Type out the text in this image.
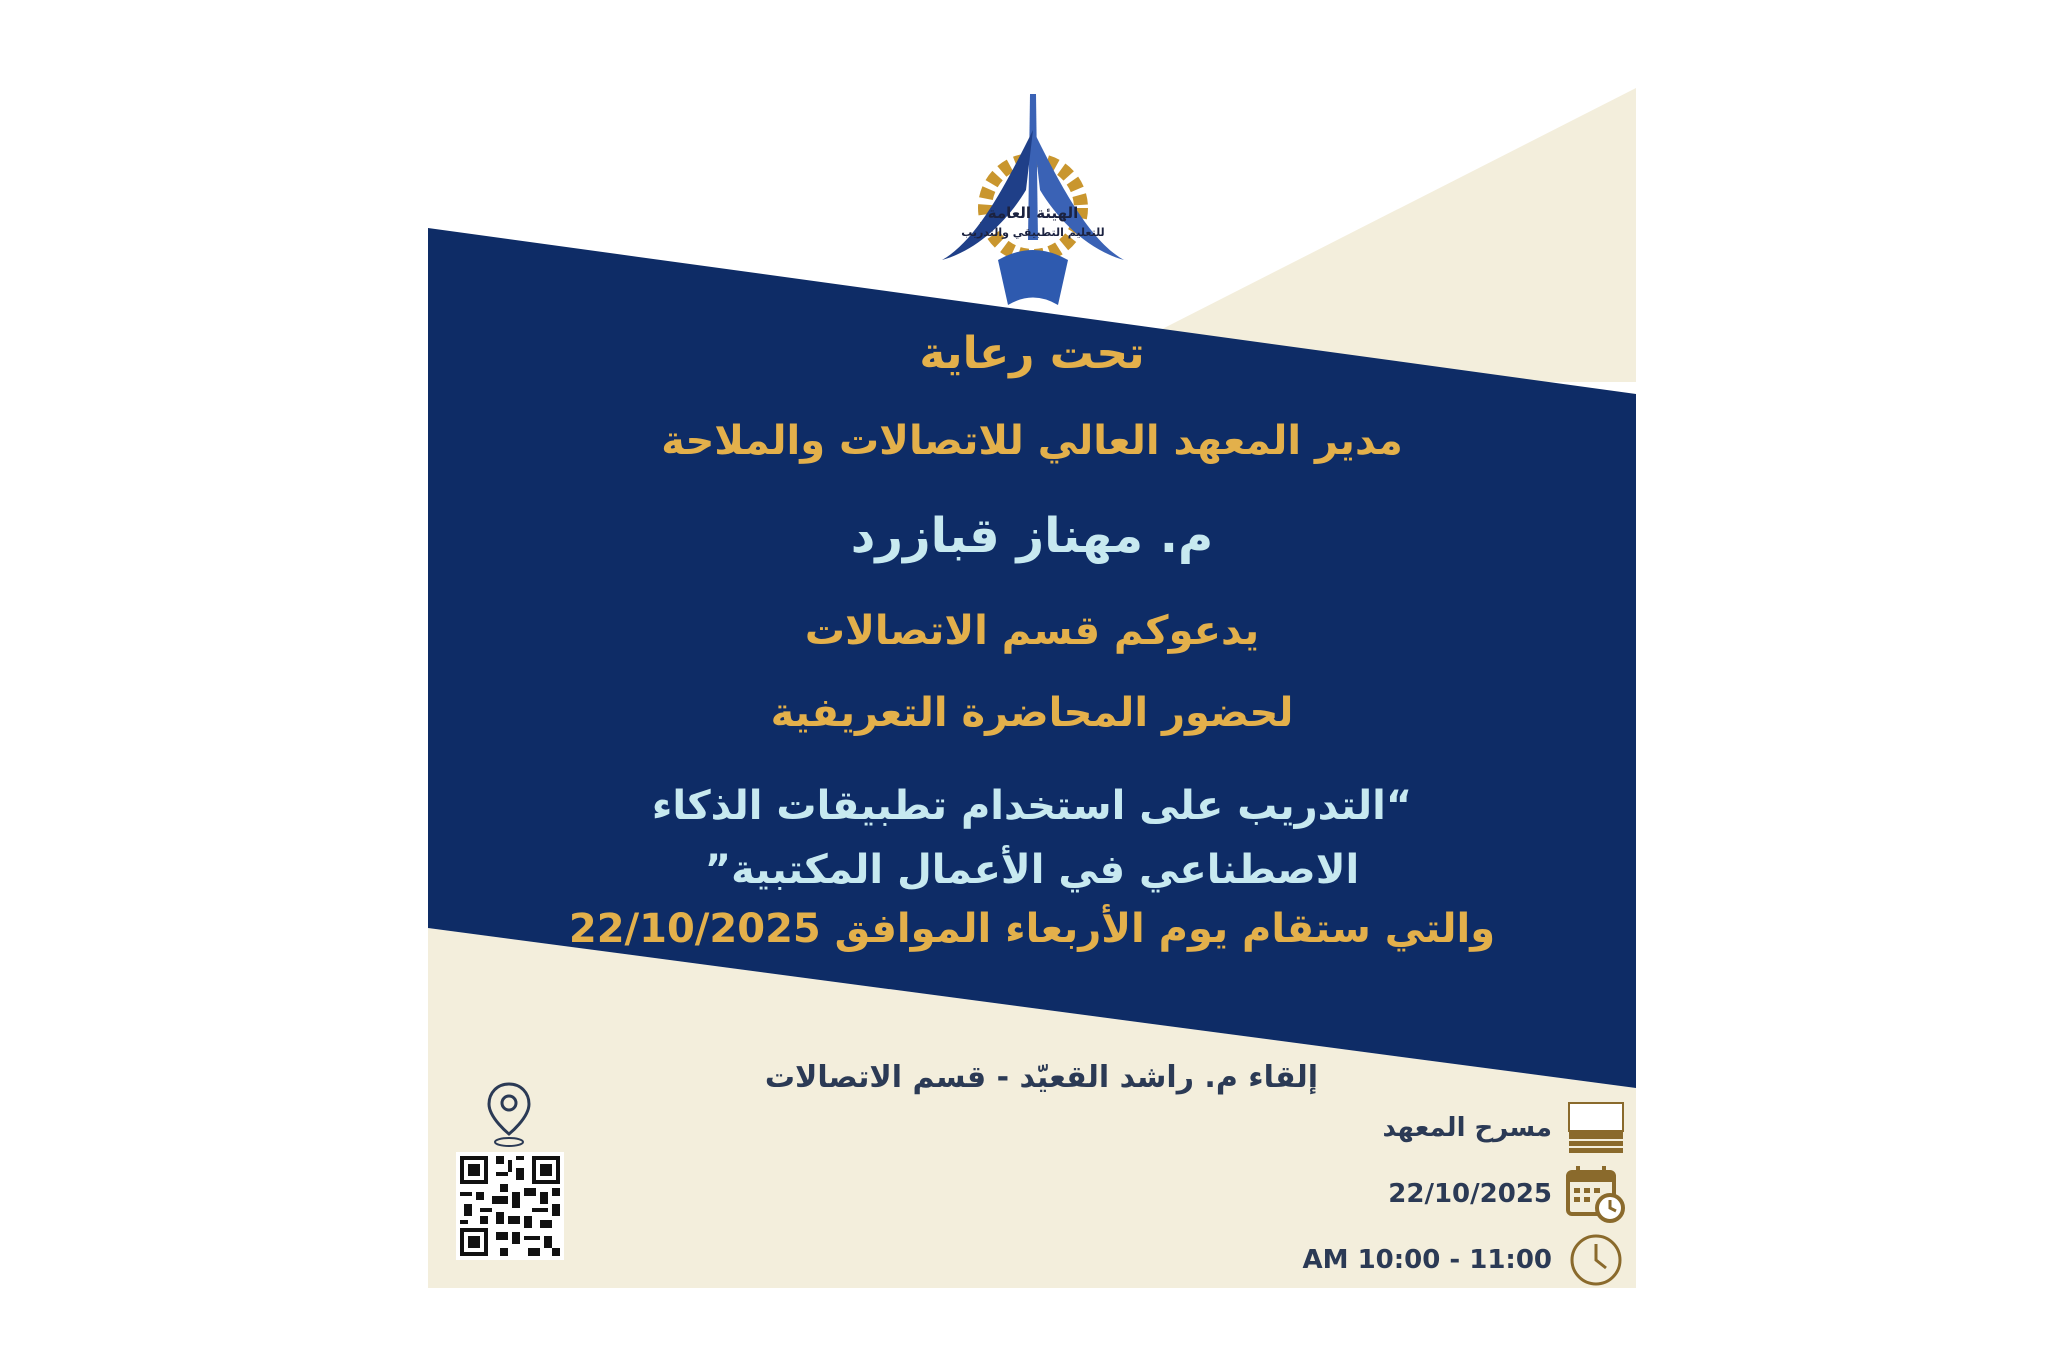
الهيئة العامة
للتعليم التطبيقي والتدريب

تحت رعاية

مدير المعهد العالي للاتصالات والملاحة

م. مهناز قبازرد

يدعوكم قسم الاتصالات

لحضور المحاضرة التعريفية

“التدريب على استخدام تطبيقات الذكاء الاصطناعي في الأعمال المكتبية”

والتي ستقام يوم الأربعاء الموافق 22/10/2025

إلقاء م. راشد القعيّد - قسم الاتصالات

مسرح المعهد
22/10/2025
11:00 - 10:00 AM
